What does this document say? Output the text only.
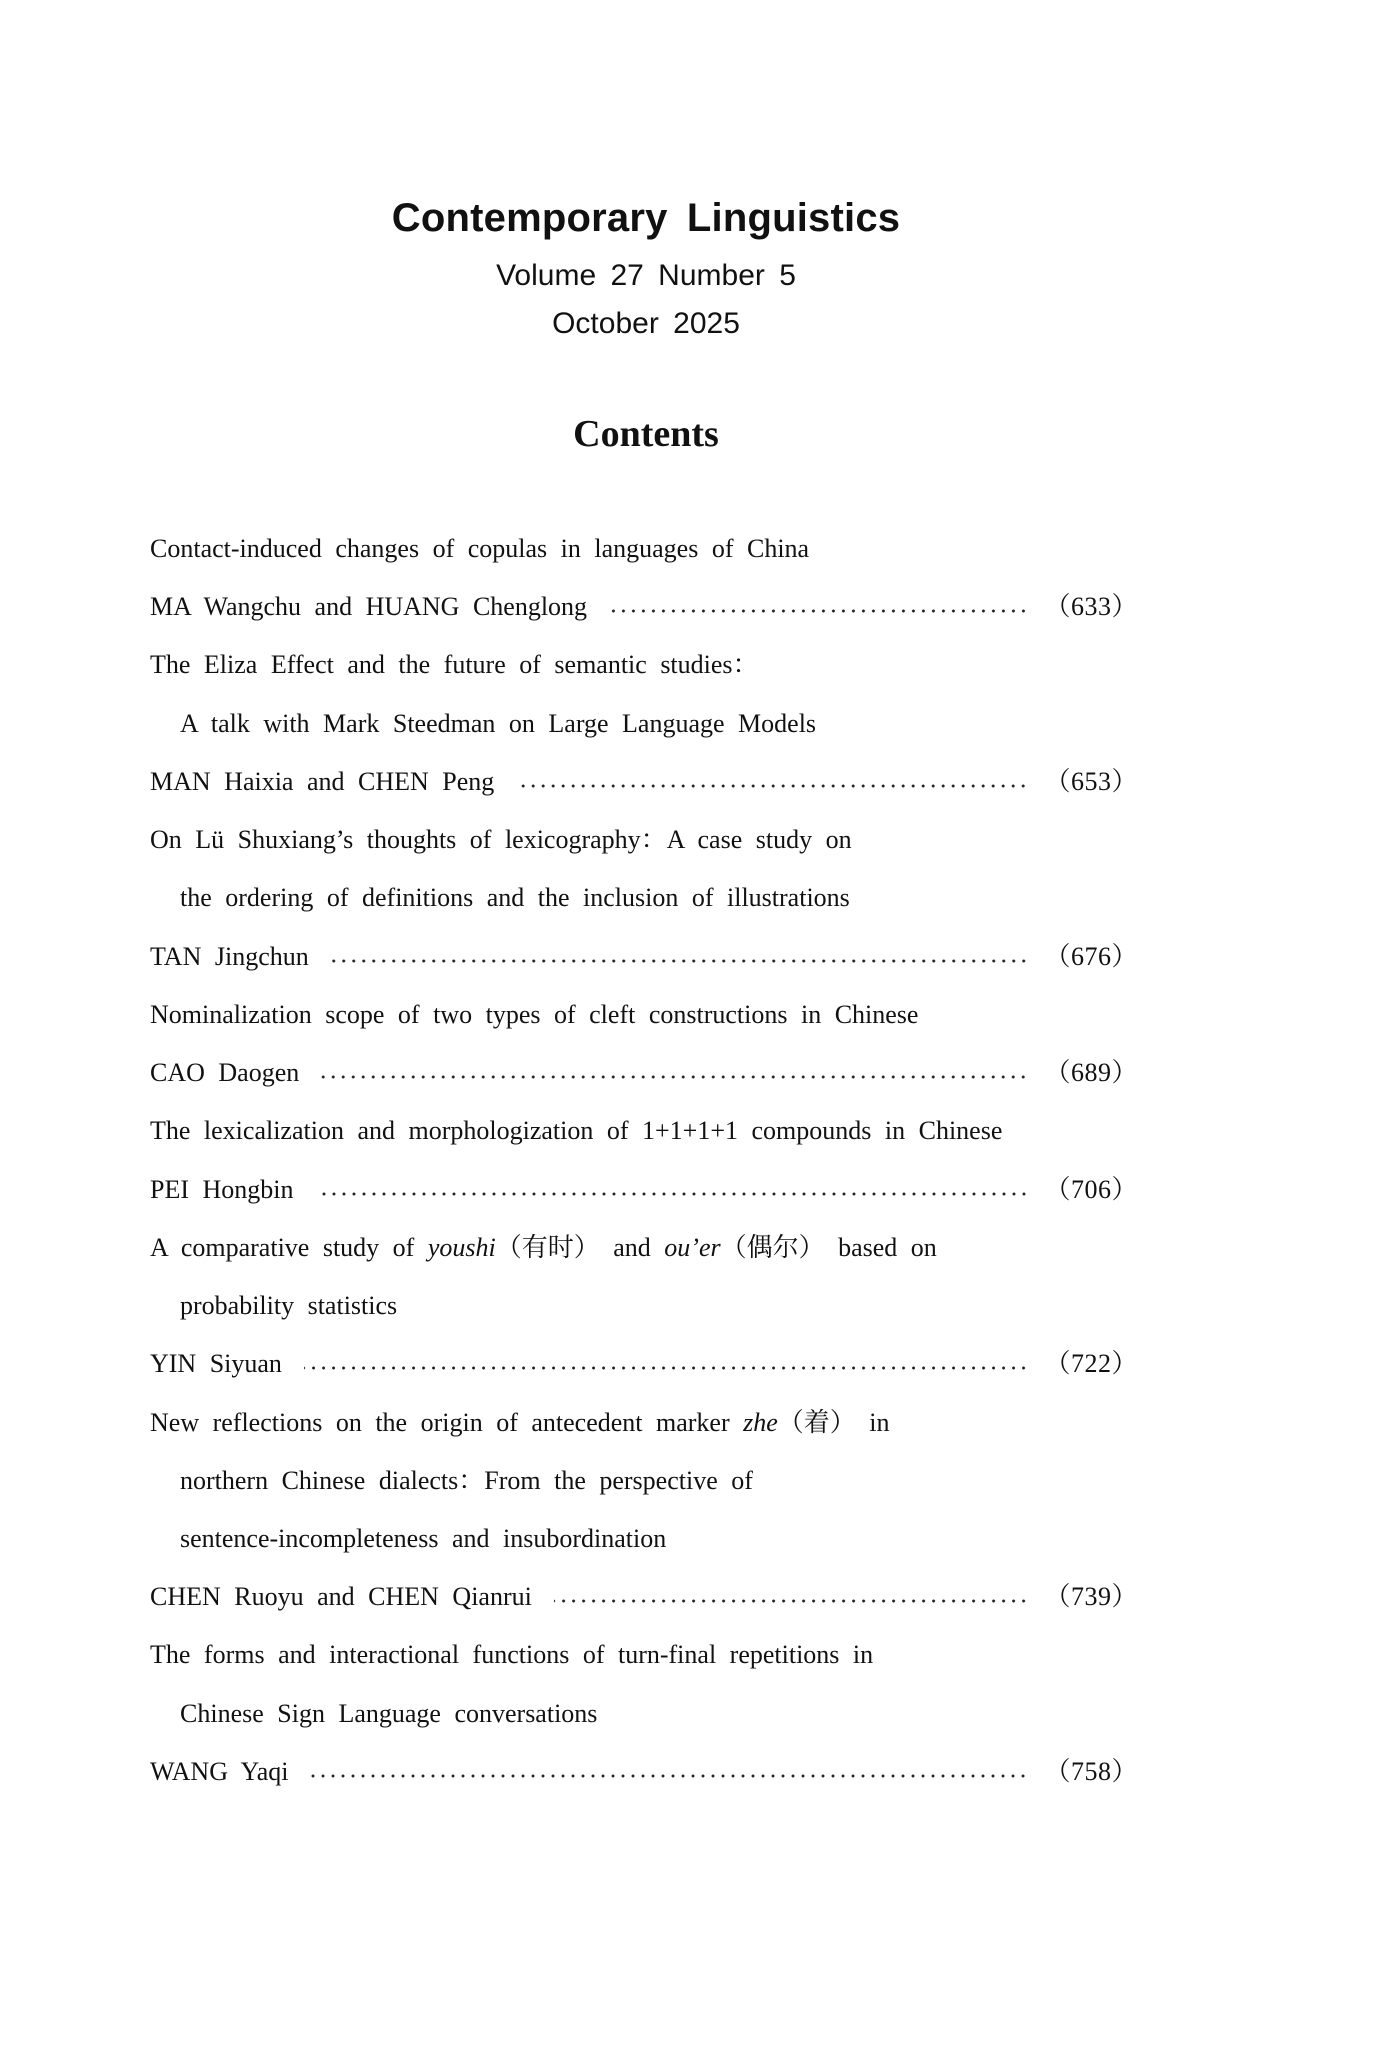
Contemporary Linguistics
Volume 27 Number 5
October 2025
Contents
Contact-induced changes of copulas in languages of China
MA Wangchu and HUANG Chenglong	（633）
The Eliza Effect and the future of semantic studies：
A talk with Mark Steedman on Large Language Models
MAN Haixia and CHEN Peng	（653）
On Lü Shuxiang’s thoughts of lexicography：A case study on
the ordering of definitions and the inclusion of illustrations
TAN Jingchun	（676）
Nominalization scope of two types of cleft constructions in Chinese
CAO Daogen	（689）
The lexicalization and morphologization of 1+1+1+1 compounds in Chinese
PEI Hongbin	（706）
A comparative study of youshi（有时） and ou’er（偶尔） based on
probability statistics
YIN Siyuan	（722）
New reflections on the origin of antecedent marker zhe（着） in
northern Chinese dialects：From the perspective of
sentence-incompleteness and insubordination
CHEN Ruoyu and CHEN Qianrui	（739）
The forms and interactional functions of turn-final repetitions in
Chinese Sign Language conversations
WANG Yaqi	（758）
